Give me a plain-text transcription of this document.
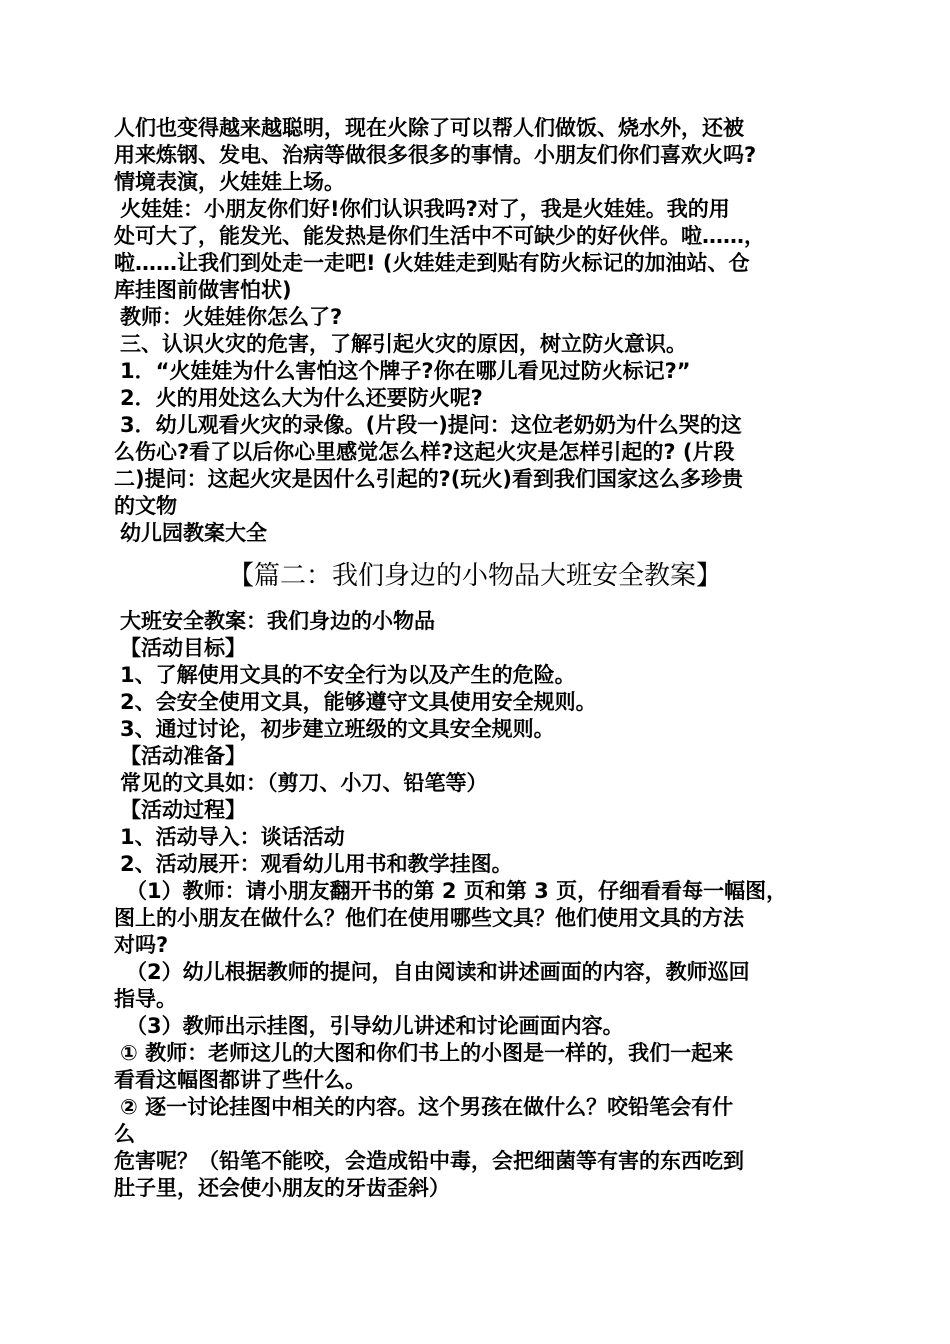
人们也变得越来越聪明，现在火除了可以帮人们做饭、烧水外，还被
用来炼钢、发电、治病等做很多很多的事情。小朋友们你们喜欢火吗?
情境表演，火娃娃上场。
火娃娃：小朋友你们好!你们认识我吗?对了，我是火娃娃。我的用
处可大了，能发光、能发热是你们生活中不可缺少的好伙伴。啦……，
啦……让我们到处走一走吧! (火娃娃走到贴有防火标记的加油站、仓
库挂图前做害怕状)
教师：火娃娃你怎么了?
三、认识火灾的危害，了解引起火灾的原因，树立防火意识。
1．“火娃娃为什么害怕这个牌子?你在哪儿看见过防火标记?”
2．火的用处这么大为什么还要防火呢?
3．幼儿观看火灾的录像。(片段一)提问：这位老奶奶为什么哭的这
么伤心?看了以后你心里感觉怎么样?这起火灾是怎样引起的? (片段
二)提问：这起火灾是因什么引起的?(玩火)看到我们国家这么多珍贵
的文物
幼儿园教案大全
【篇二：我们身边的小物品大班安全教案】
大班安全教案：我们身边的小物品
【活动目标】
1、了解使用文具的不安全行为以及产生的危险。
2、会安全使用文具，能够遵守文具使用安全规则。
3、通过讨论，初步建立班级的文具安全规则。
【活动准备】
常见的文具如：（剪刀、小刀、铅笔等）
【活动过程】
1、活动导入：谈话活动
2、活动展开：观看幼儿用书和教学挂图。
（1）教师：请小朋友翻开书的第 2 页和第 3 页，仔细看看每一幅图，
图上的小朋友在做什么？他们在使用哪些文具？他们使用文具的方法
对吗?
（2）幼儿根据教师的提问，自由阅读和讲述画面的内容，教师巡回
指导。
（3）教师出示挂图，引导幼儿讲述和讨论画面内容。
① 教师：老师这儿的大图和你们书上的小图是一样的，我们一起来
看看这幅图都讲了些什么。
② 逐一讨论挂图中相关的内容。这个男孩在做什么？咬铅笔会有什
么
危害呢？（铅笔不能咬，会造成铅中毒，会把细菌等有害的东西吃到
肚子里，还会使小朋友的牙齿歪斜）
